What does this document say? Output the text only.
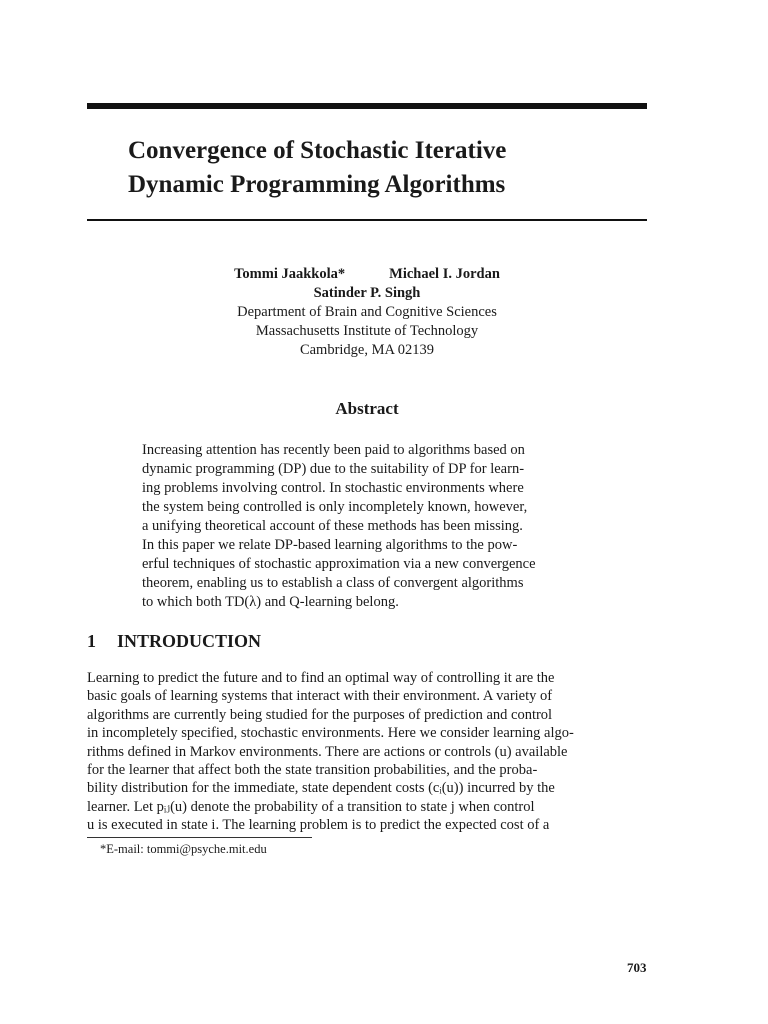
Convergence of Stochastic Iterative
Dynamic Programming Algorithms
Tommi Jaakkola*	Michael I. Jordan
Satinder P. Singh
Department of Brain and Cognitive Sciences
Massachusetts Institute of Technology
Cambridge, MA 02139
Abstract
Increasing attention has recently been paid to algorithms based on
dynamic programming (DP) due to the suitability of DP for learn-
ing problems involving control. In stochastic environments where
the system being controlled is only incompletely known, however,
a unifying theoretical account of these methods has been missing.
In this paper we relate DP-based learning algorithms to the pow-
erful techniques of stochastic approximation via a new convergence
theorem, enabling us to establish a class of convergent algorithms
to which both TD(λ) and Q-learning belong.
1 INTRODUCTION
Learning to predict the future and to find an optimal way of controlling it are the
basic goals of learning systems that interact with their environment. A variety of
algorithms are currently being studied for the purposes of prediction and control
in incompletely specified, stochastic environments. Here we consider learning algo-
rithms defined in Markov environments. There are actions or controls (u) available
for the learner that affect both the state transition probabilities, and the proba-
bility distribution for the immediate, state dependent costs (cᵢ(u)) incurred by the
learner. Let pᵢⱼ(u) denote the probability of a transition to state j when control
u is executed in state i. The learning problem is to predict the expected cost of a
*E-mail: tommi@psyche.mit.edu
703
